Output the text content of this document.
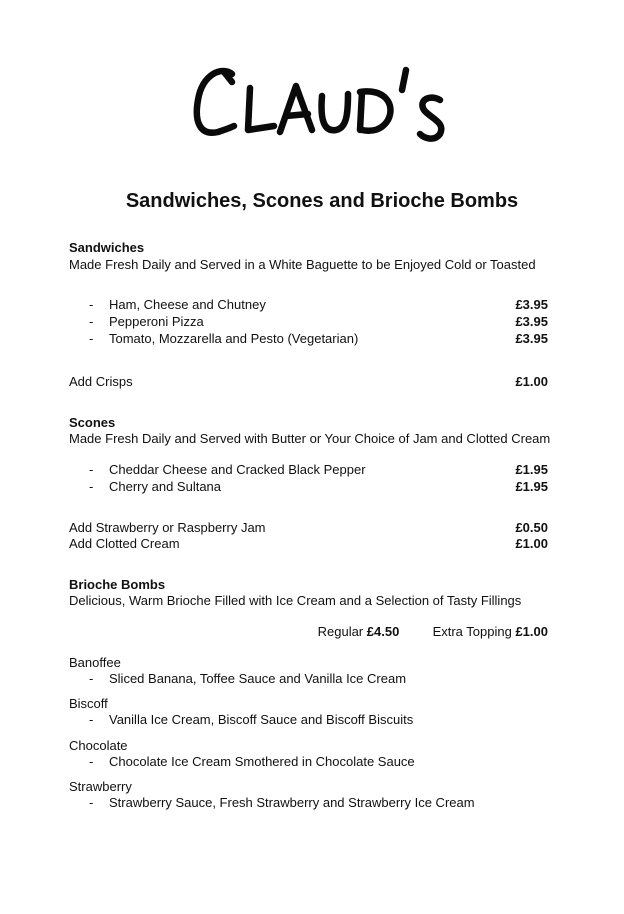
Sandwiches, Scones and Brioche Bombs
Sandwiches
Made Fresh Daily and Served in a White Baguette to be Enjoyed Cold or Toasted
- Ham, Cheese and Chutney	£3.95
- Pepperoni Pizza	£3.95
- Tomato, Mozzarella and Pesto (Vegetarian)	£3.95
Add Crisps	£1.00
Scones
Made Fresh Daily and Served with Butter or Your Choice of Jam and Clotted Cream
- Cheddar Cheese and Cracked Black Pepper	£1.95
- Cherry and Sultana	£1.95
Add Strawberry or Raspberry Jam	£0.50
Add Clotted Cream	£1.00
Brioche Bombs
Delicious, Warm Brioche Filled with Ice Cream and a Selection of Tasty Fillings
Regular £4.50	Extra Topping £1.00
Banoffee
- Sliced Banana, Toffee Sauce and Vanilla Ice Cream
Biscoff
- Vanilla Ice Cream, Biscoff Sauce and Biscoff Biscuits
Chocolate
- Chocolate Ice Cream Smothered in Chocolate Sauce
Strawberry
- Strawberry Sauce, Fresh Strawberry and Strawberry Ice Cream
